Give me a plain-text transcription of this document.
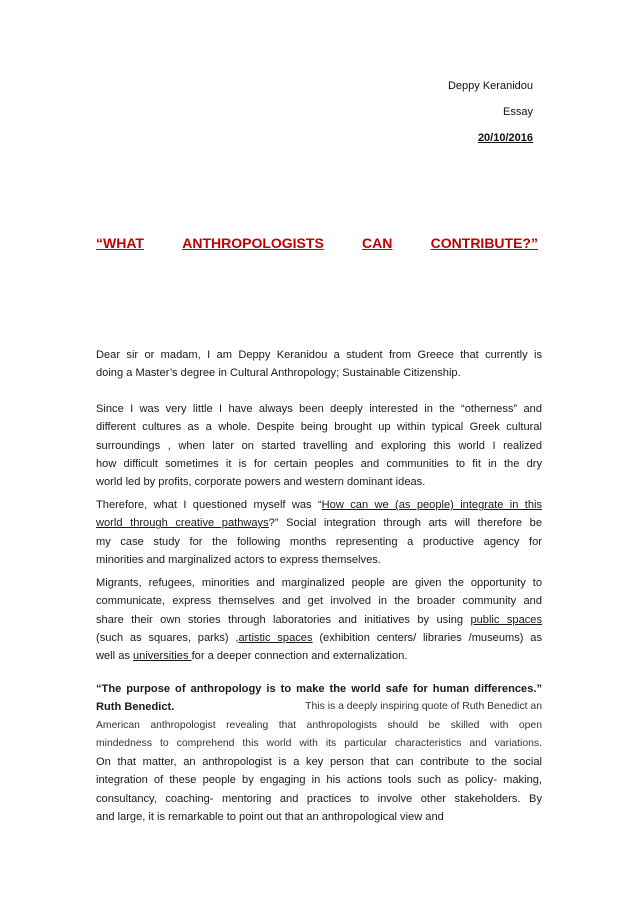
Deppy Keranidou
Essay
20/10/2016
“WHAT	ANTHROPOLOGISTS	CAN	CONTRIBUTE?”
Dear sir or madam, I am Deppy Keranidou a student from Greece that currently is
doing a Master’s degree in Cultural Anthropology; Sustainable Citizenship.
Since I was very little I have always been deeply interested in the “otherness” and
different cultures as a whole. Despite being brought up within typical Greek cultural
surroundings , when later on started travelling and exploring this world I realized
how difficult sometimes it is for certain peoples and communities to fit in the dry
world led by profits, corporate powers and western dominant ideas.
Therefore, what I questioned myself was “How can we (as people) integrate in this
world through creative pathways?” Social integration through arts will therefore be
my case study for the following months representing a productive agency for
minorities and marginalized actors to express themselves.
Migrants, refugees, minorities and marginalized people are given the opportunity to
communicate, express themselves and get involved in the broader community and
share their own stories through laboratories and initiatives by using public spaces
(such as squares, parks) ,artistic spaces (exhibition centers/ libraries /museums) as
well as universities for a deeper connection and externalization.
“The purpose of anthropology is to make the world safe for human differences.”
Ruth Benedict.	This is a deeply inspiring quote of Ruth Benedict an
American anthropologist revealing that anthropologists should be skilled with open
mindedness to comprehend this world with its particular characteristics and variations.
On that matter, an anthropologist is a key person that can contribute to the social
integration of these people by engaging in his actions tools such as policy- making,
consultancy, coaching- mentoring and practices to involve other stakeholders. By
and large, it is remarkable to point out that an anthropological view and
